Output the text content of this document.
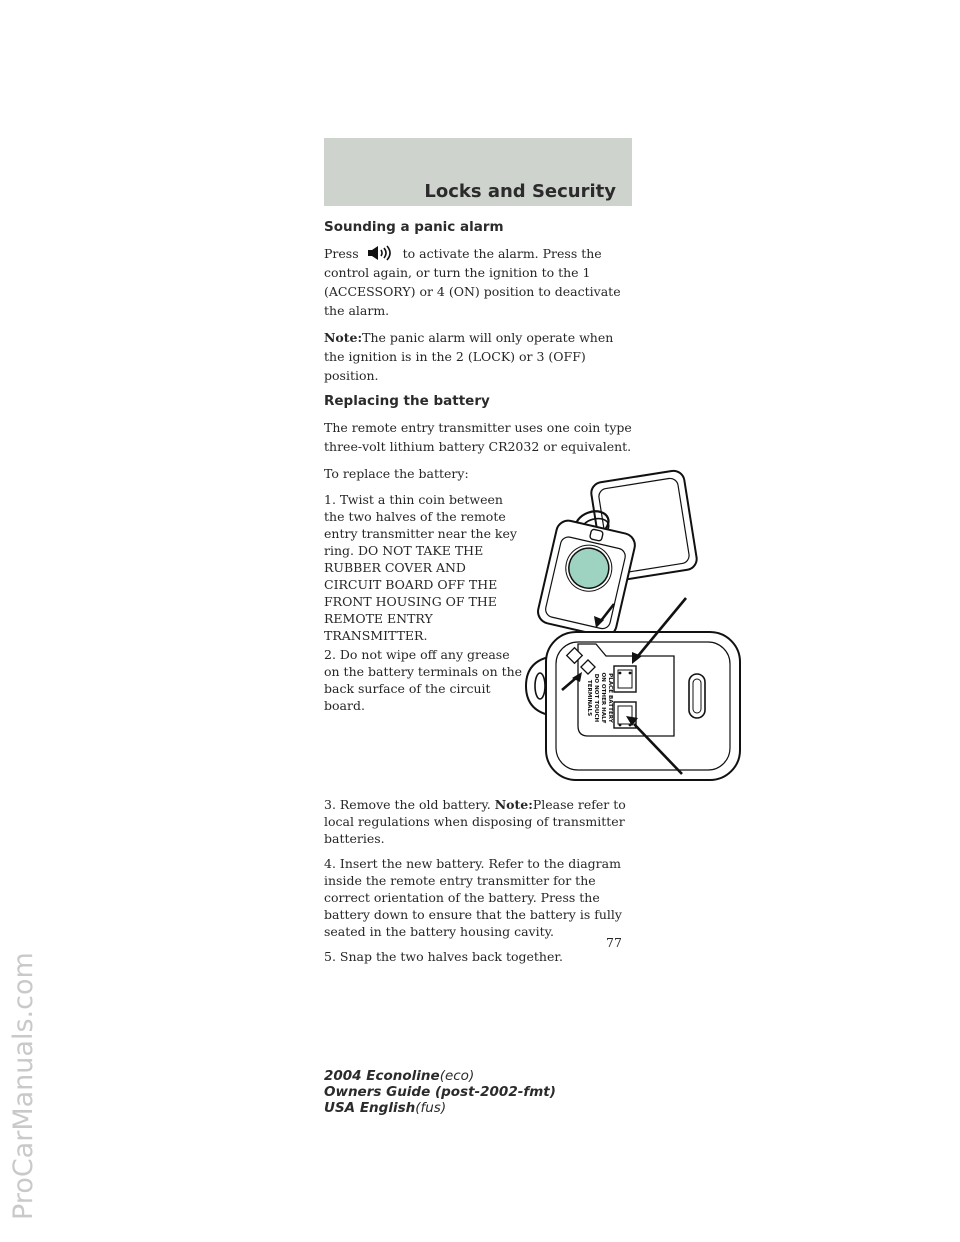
Locks and Security
ProCarManuals.com
Sounding a panic alarm

Press	to activate the alarm. Press the control again, or turn the ignition to the 1 (ACCESSORY) or 4 (ON) position to deactivate the alarm.

Note:The panic alarm will only operate when the ignition is in the 2 (LOCK) or 3 (OFF) position.

Replacing the battery

The remote entry transmitter uses one coin type three-volt lithium battery CR2032 or equivalent.

To replace the battery:

1. Twist a thin coin between the two halves of the remote entry transmitter near the key ring. DO NOT TAKE THE RUBBER COVER AND CIRCUIT BOARD OFF THE FRONT HOUSING OF THE REMOTE ENTRY TRANSMITTER.

2. Do not wipe off any grease on the battery terminals on the back surface of the circuit board.	PLACE BATTERY
ON OTHER HALF
DO NOT TOUCH
TERMINALS

3. Remove the old battery. Note:Please refer to local regulations when disposing of transmitter batteries.

4. Insert the new battery. Refer to the diagram inside the remote entry transmitter for the correct orientation of the battery. Press the battery down to ensure that the battery is fully seated in the battery housing cavity.

5. Snap the two halves back together.

77
2004 Econoline(eco)
Owners Guide (post-2002-fmt)
USA English(fus)
